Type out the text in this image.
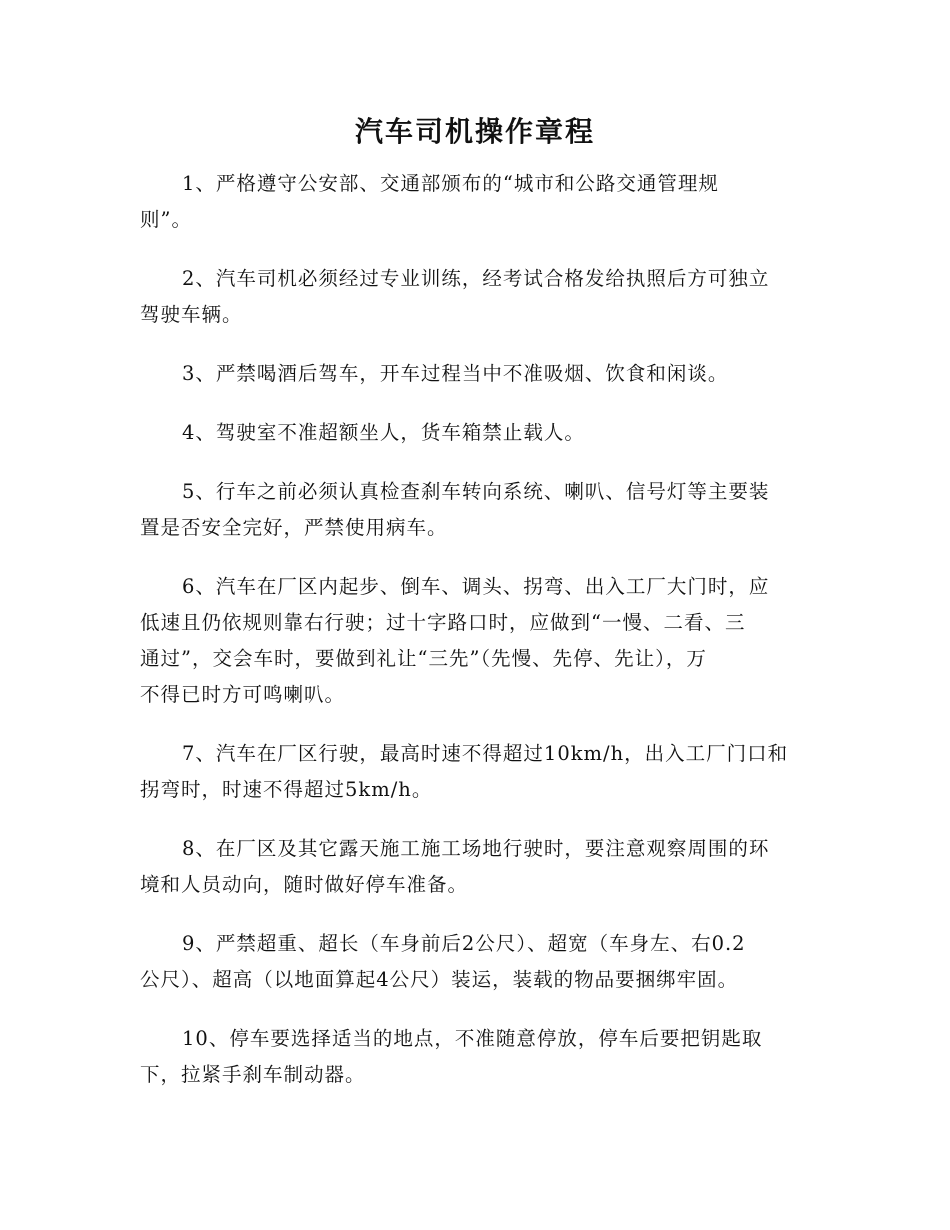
汽车司机操作章程

1、严格遵守公安部、交通部颁布的“城市和公路交通管理规
则”。

2、汽车司机必须经过专业训练，经考试合格发给执照后方可独立
驾驶车辆。

3、严禁喝酒后驾车，开车过程当中不准吸烟、饮食和闲谈。

4、驾驶室不准超额坐人，货车箱禁止载人。

5、行车之前必须认真检查刹车转向系统、喇叭、信号灯等主要装
置是否安全完好，严禁使用病车。

6、汽车在厂区内起步、倒车、调头、拐弯、出入工厂大门时，应
低速且仍依规则靠右行驶；过十字路口时，应做到“一慢、二看、三
通过”，交会车时，要做到礼让“三先”（先慢、先停、先让），万
不得已时方可鸣喇叭。

7、汽车在厂区行驶，最高时速不得超过10km/h，出入工厂门口和
拐弯时，时速不得超过5km/h。

8、在厂区及其它露天施工施工场地行驶时，要注意观察周围的环
境和人员动向，随时做好停车准备。

9、严禁超重、超长（车身前后2公尺）、超宽（车身左、右0.2
公尺）、超高（以地面算起4公尺）装运，装载的物品要捆绑牢固。

10、停车要选择适当的地点，不准随意停放，停车后要把钥匙取
下，拉紧手刹车制动器。
